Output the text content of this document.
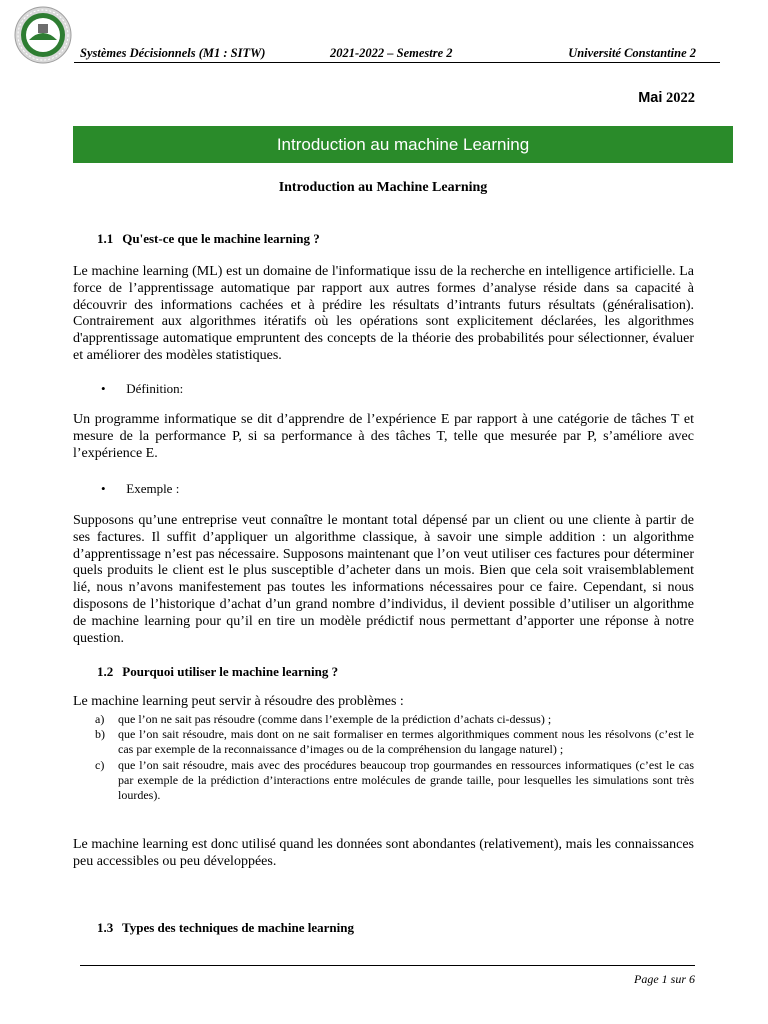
Systèmes Décisionnels (M1 : SITW)	2021-2022 – Semestre 2	Université Constantine 2
Mai 2022
Introduction au machine Learning
Introduction au Machine Learning
1.1 Qu'est-ce que le machine learning ?

Le machine learning (ML) est un domaine de l'informatique issu de la recherche en intelligence artificielle. La force de l’apprentissage automatique par rapport aux autres formes d’analyse réside dans sa capacité à découvrir des informations cachées et à prédire les résultats d’intrants futurs résultats (généralisation). Contrairement aux algorithmes itératifs où les opérations sont explicitement déclarées, les algorithmes d'apprentissage automatique empruntent des concepts de la théorie des probabilités pour sélectionner, évaluer et améliorer des modèles statistiques.

• Définition:

Un programme informatique se dit d’apprendre de l’expérience E par rapport à une catégorie de tâches T et mesure de la performance P, si sa performance à des tâches T, telle que mesurée par P, s’améliore avec l’expérience E.

• Exemple :

Supposons qu’une entreprise veut connaître le montant total dépensé par un client ou une cliente à partir de ses factures. Il suffit d’appliquer un algorithme classique, à savoir une simple addition : un algorithme d’apprentissage n’est pas nécessaire. Supposons maintenant que l’on veut utiliser ces factures pour déterminer quels produits le client est le plus susceptible d’acheter dans un mois. Bien que cela soit vraisemblablement lié, nous n’avons manifestement pas toutes les informations nécessaires pour ce faire. Cependant, si nous disposons de l’historique d’achat d’un grand nombre d’individus, il devient possible d’utiliser un algorithme de machine learning pour qu’il en tire un modèle prédictif nous permettant d’apporter une réponse à notre question.

1.2 Pourquoi utiliser le machine learning ?

Le machine learning peut servir à résoudre des problèmes :

a)	que l’on ne sait pas résoudre (comme dans l’exemple de la prédiction d’achats ci-dessus) ;
b)	que l’on sait résoudre, mais dont on ne sait formaliser en termes algorithmiques comment nous les résolvons (c’est le cas par exemple de la reconnaissance d’images ou de la compréhension du langage naturel) ;
c)	que l’on sait résoudre, mais avec des procédures beaucoup trop gourmandes en ressources informatiques (c’est le cas par exemple de la prédiction d’interactions entre molécules de grande taille, pour lesquelles les simulations sont très lourdes).

Le machine learning est donc utilisé quand les données sont abondantes (relativement), mais les connaissances peu accessibles ou peu développées.

1.3 Types des techniques de machine learning
Page 1 sur 6
